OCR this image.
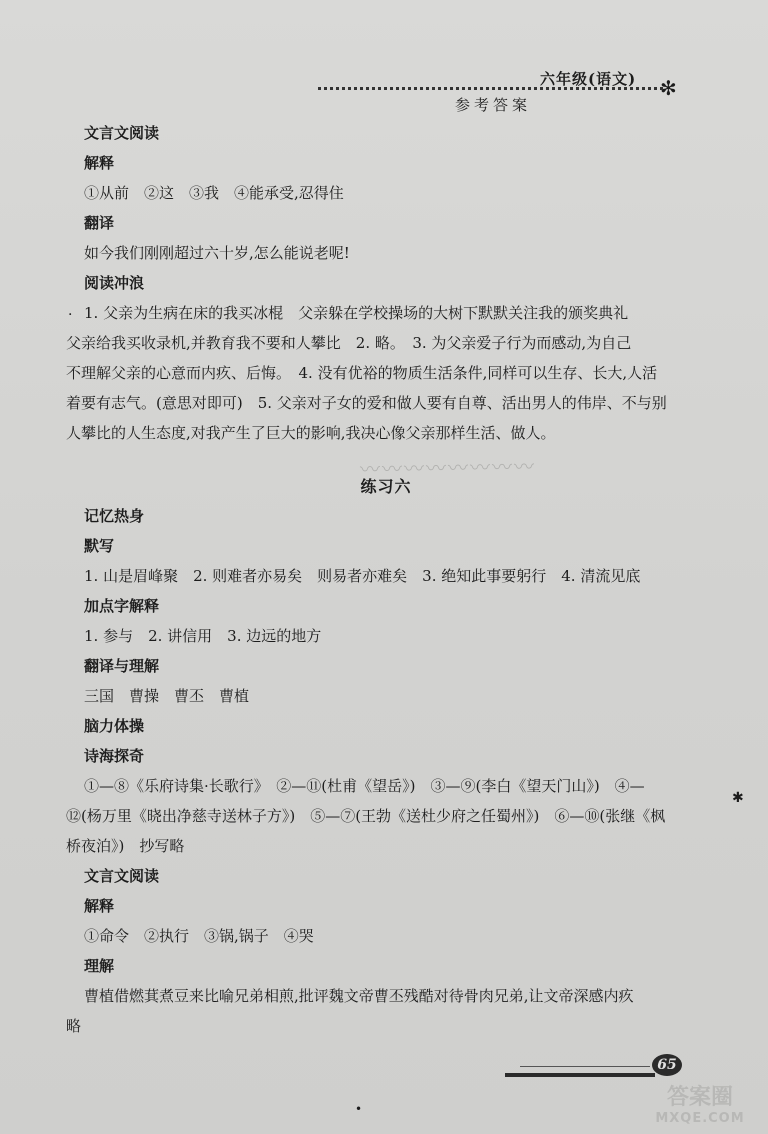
六年级(语文) ✻
参考答案
·
文言文阅读
解释
①从前　②这　③我　④能承受,忍得住
翻译
如今我们刚刚超过六十岁,怎么能说老呢!
阅读冲浪
1. 父亲为生病在床的我买冰棍　父亲躲在学校操场的大树下默默关注我的颁奖典礼
父亲给我买收录机,并教育我不要和人攀比　2. 略。　3. 为父亲爱子行为而感动,为自己
不理解父亲的心意而内疚、后悔。　4. 没有优裕的物质生活条件,同样可以生存、长大,人活
着要有志气。(意思对即可)　5. 父亲对子女的爱和做人要有自尊、活出男人的伟岸、不与别
人攀比的人生态度,对我产生了巨大的影响,我决心像父亲那样生活、做人。
练习六
记忆热身
默写
1. 山是眉峰聚　2. 则难者亦易矣　则易者亦难矣　3. 绝知此事要躬行　4. 清流见底
加点字解释
1. 参与　2. 讲信用　3. 边远的地方
翻译与理解
三国　曹操　曹丕　曹植
脑力体操
诗海探奇
①—⑧《乐府诗集·长歌行》　②—⑪(杜甫《望岳》)　③—⑨(李白《望天门山》)　④—
⑫(杨万里《晓出净慈寺送林子方》)　⑤—⑦(王勃《送杜少府之任蜀州》)　⑥—⑩(张继《枫
桥夜泊》)　抄写略
文言文阅读
解释
①命令　②执行　③锅,锅子　④哭
理解
曹植借燃萁煮豆来比喻兄弟相煎,批评魏文帝曹丕残酷对待骨肉兄弟,让文帝深感内疚
略
〰〰〰〰〰〰〰〰
✱
•
65
答案圈
MXQE.COM
